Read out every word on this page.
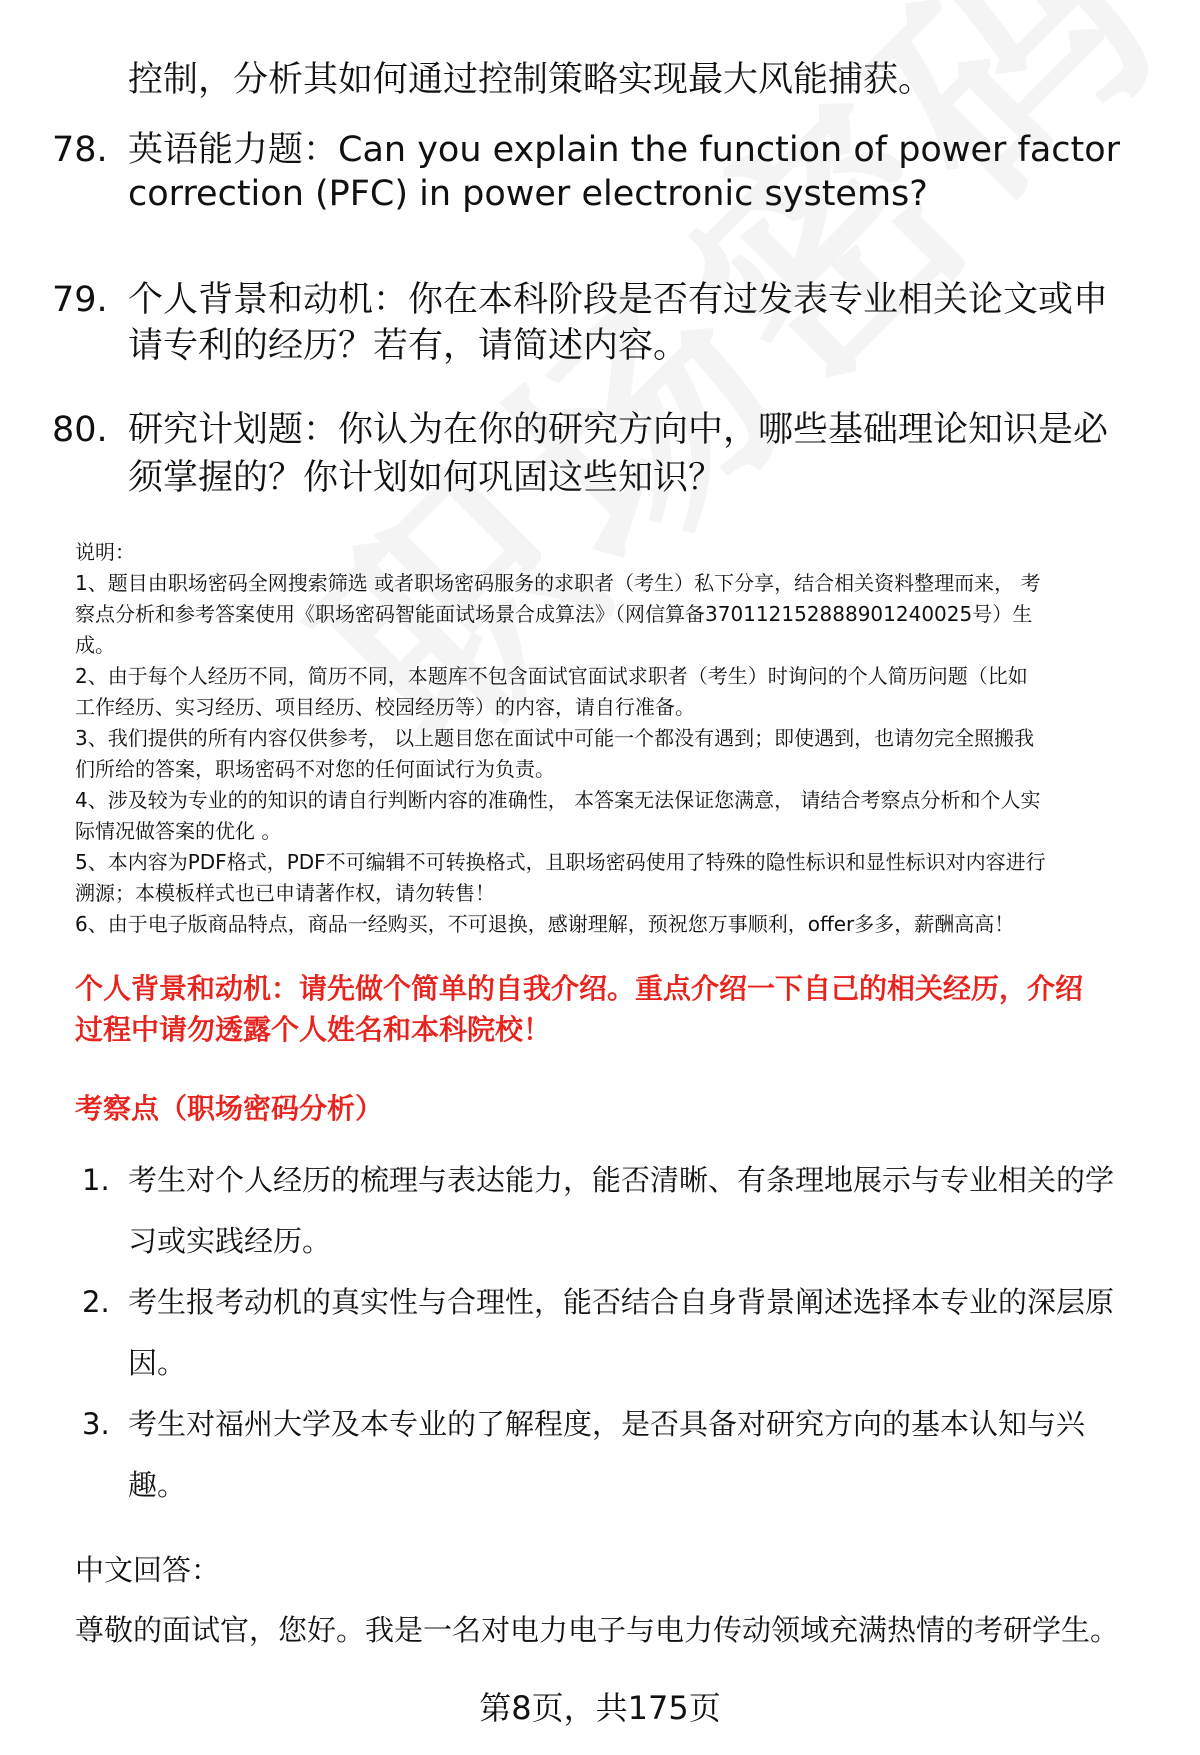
控制，分析其如何通过控制策略实现最大风能捕获。
78. 英语能力题：Can you explain the function of power factor
correction (PFC) in power electronic systems?
79. 个人背景和动机：你在本科阶段是否有过发表专业相关论文或申
请专利的经历？若有，请简述内容。
80. 研究计划题：你认为在你的研究方向中，哪些基础理论知识是必
须掌握的？你计划如何巩固这些知识？
说明：
1、题目由职场密码全网搜索筛选 或者职场密码服务的求职者（考生）私下分享，结合相关资料整理而来， 考
察点分析和参考答案使用《职场密码智能面试场景合成算法》（网信算备370112152888901240025号）生
成。
2、由于每个人经历不同，简历不同，本题库不包含面试官面试求职者（考生）时询问的个人简历问题（比如
工作经历、实习经历、项目经历、校园经历等）的内容，请自行准备。
3、我们提供的所有内容仅供参考， 以上题目您在面试中可能一个都没有遇到；即使遇到，也请勿完全照搬我
们所给的答案，职场密码不对您的任何面试行为负责。
4、涉及较为专业的的知识的请自行判断内容的准确性， 本答案无法保证您满意， 请结合考察点分析和个人实
际情况做答案的优化 。
5、本内容为PDF格式，PDF不可编辑不可转换格式，且职场密码使用了特殊的隐性标识和显性标识对内容进行
溯源；本模板样式也已申请著作权，请勿转售！
6、由于电子版商品特点，商品一经购买，不可退换，感谢理解，预祝您万事顺利，offer多多，薪酬高高！
个人背景和动机：请先做个简单的自我介绍。重点介绍一下自己的相关经历，介绍
过程中请勿透露个人姓名和本科院校！
考察点（职场密码分析）
1. 考生对个人经历的梳理与表达能力，能否清晰、有条理地展示与专业相关的学
习或实践经历。
2. 考生报考动机的真实性与合理性，能否结合自身背景阐述选择本专业的深层原
因。
3. 考生对福州大学及本专业的了解程度，是否具备对研究方向的基本认知与兴
趣。
中文回答：
尊敬的面试官，您好。我是一名对电力电子与电力传动领域充满热情的考研学生。
第8页，共175页
